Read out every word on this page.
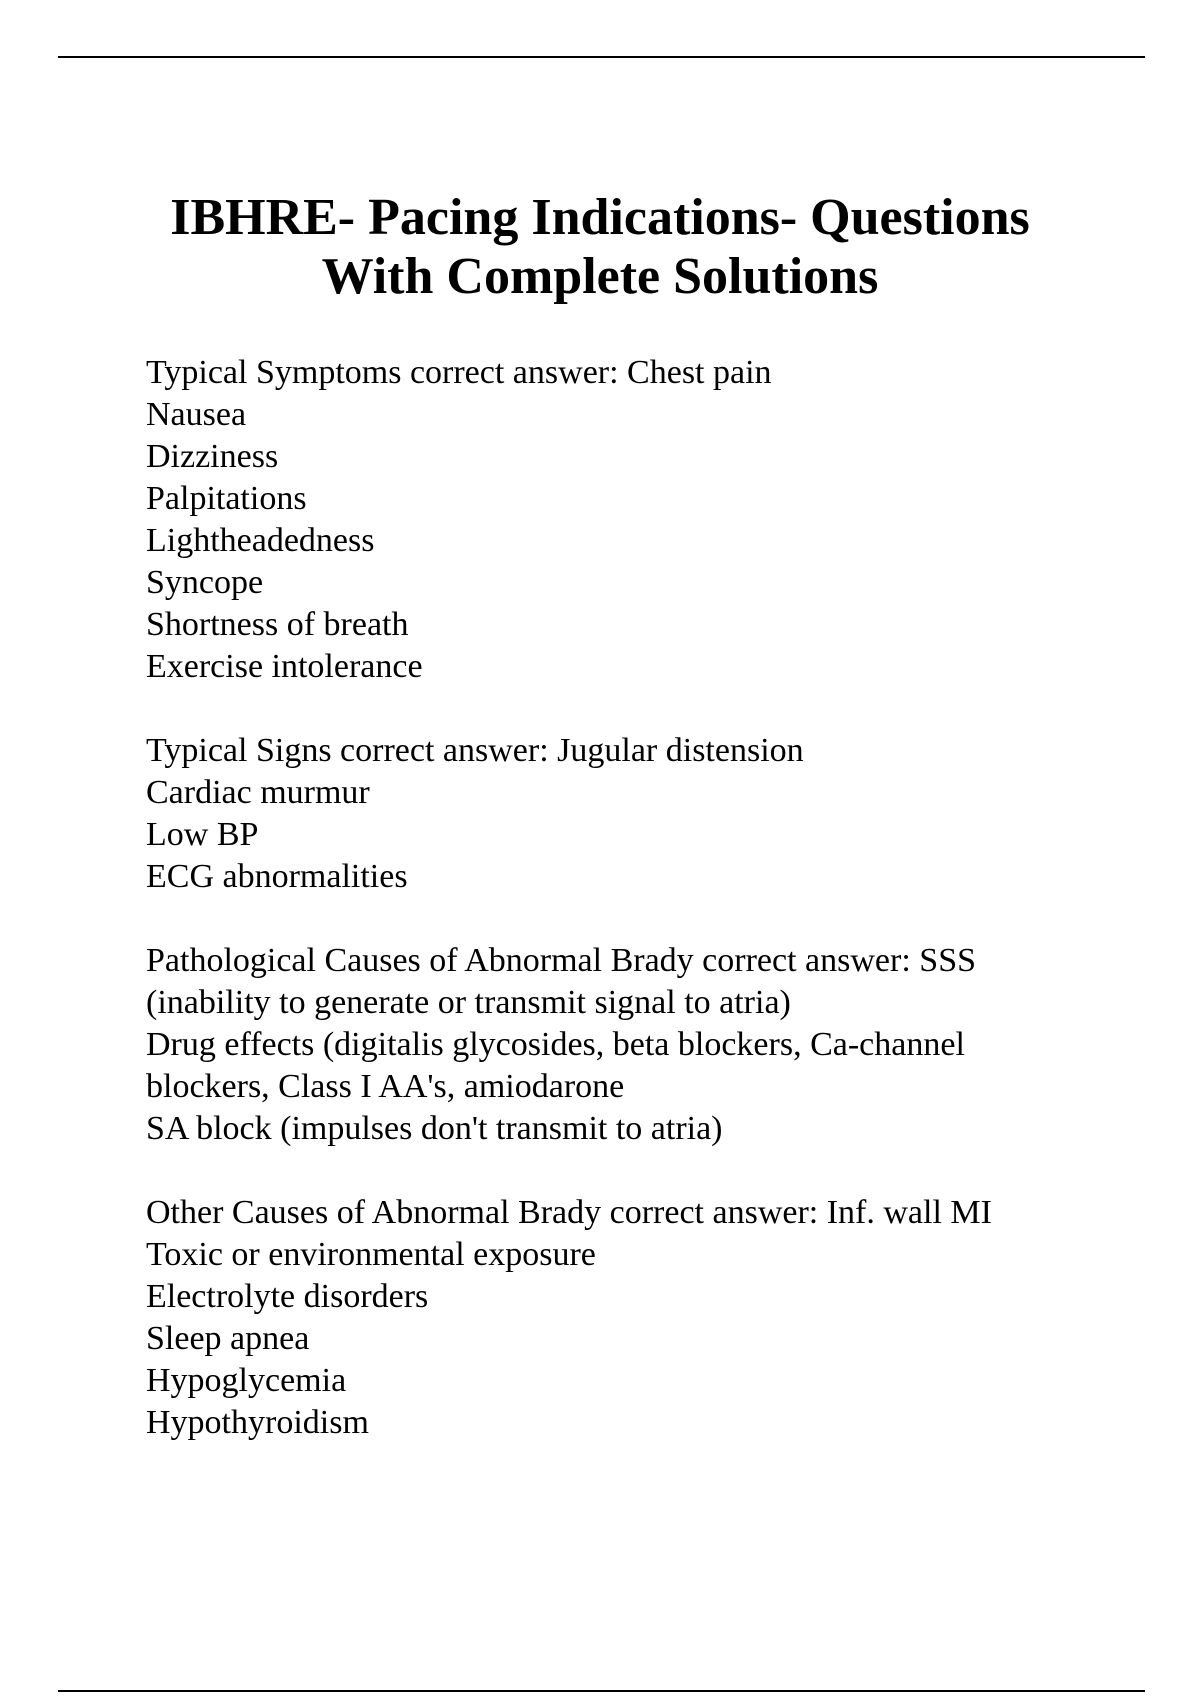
IBHRE- Pacing Indications- Questions
With Complete Solutions
Typical Symptoms correct answer: Chest pain
Nausea
Dizziness
Palpitations
Lightheadedness
Syncope
Shortness of breath
Exercise intolerance
Typical Signs correct answer: Jugular distension
Cardiac murmur
Low BP
ECG abnormalities
Pathological Causes of Abnormal Brady correct answer: SSS
(inability to generate or transmit signal to atria)
Drug effects (digitalis glycosides, beta blockers, Ca-channel
blockers, Class I AA's, amiodarone
SA block (impulses don't transmit to atria)
Other Causes of Abnormal Brady correct answer: Inf. wall MI
Toxic or environmental exposure
Electrolyte disorders
Sleep apnea
Hypoglycemia
Hypothyroidism
